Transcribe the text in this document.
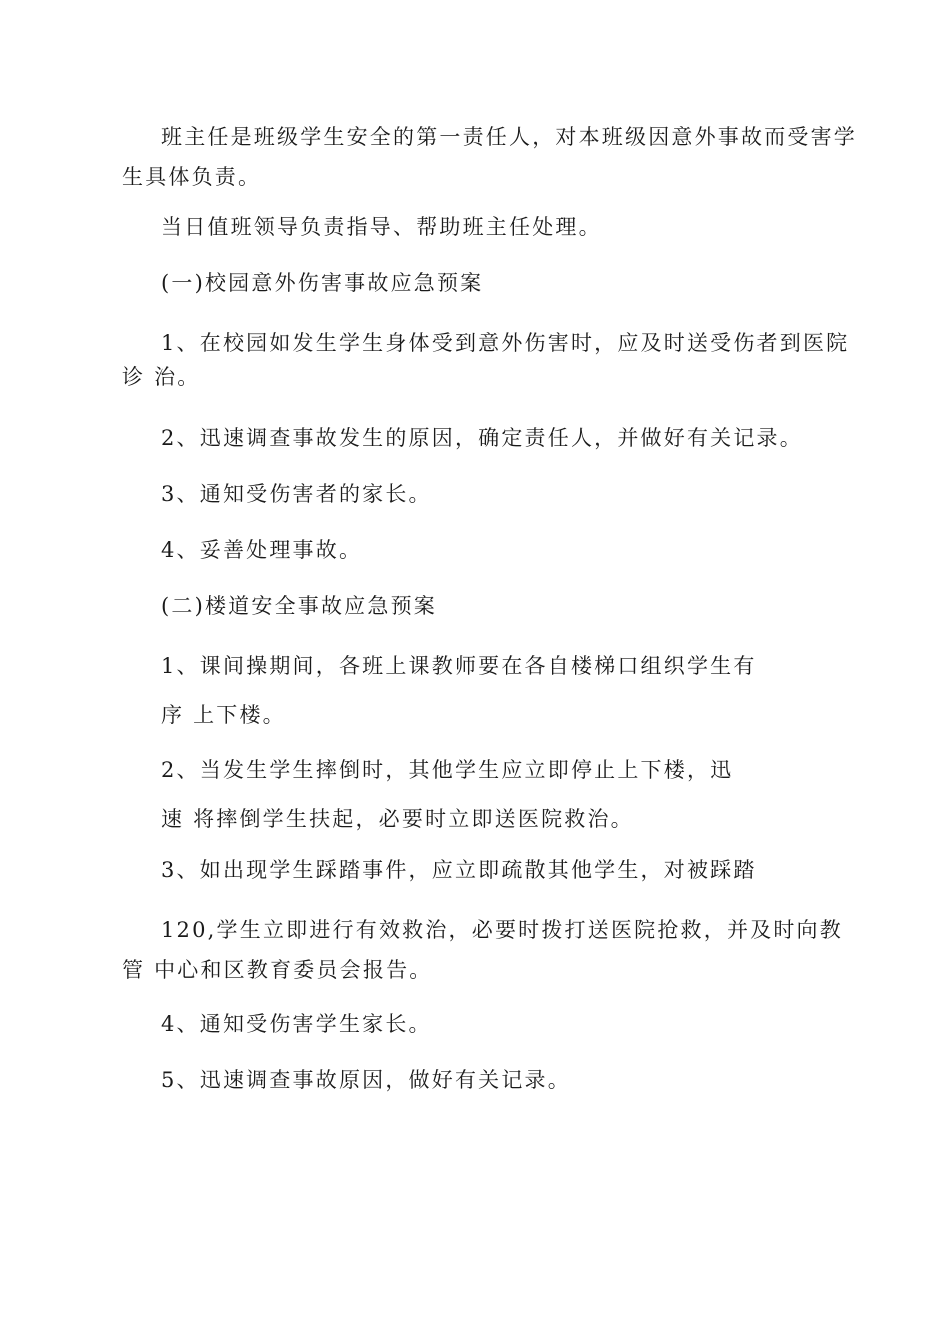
班主任是班级学生安全的第一责任人，对本班级因意外事故而受害学
生具体负责。
当日值班领导负责指导、帮助班主任处理。
(一)校园意外伤害事故应急预案
1、在校园如发生学生身体受到意外伤害时，应及时送受伤者到医院
诊 治。
2、迅速调查事故发生的原因，确定责任人，并做好有关记录。
3、通知受伤害者的家长。
4、妥善处理事故。
(二)楼道安全事故应急预案
1、课间操期间，各班上课教师要在各自楼梯口组织学生有
序 上下楼。
2、当发生学生摔倒时，其他学生应立即停止上下楼，迅
速 将摔倒学生扶起，必要时立即送医院救治。
3、如出现学生踩踏事件，应立即疏散其他学生，对被踩踏
120,学生立即进行有效救治，必要时拨打送医院抢救，并及时向教
管 中心和区教育委员会报告。
4、通知受伤害学生家长。
5、迅速调查事故原因，做好有关记录。
